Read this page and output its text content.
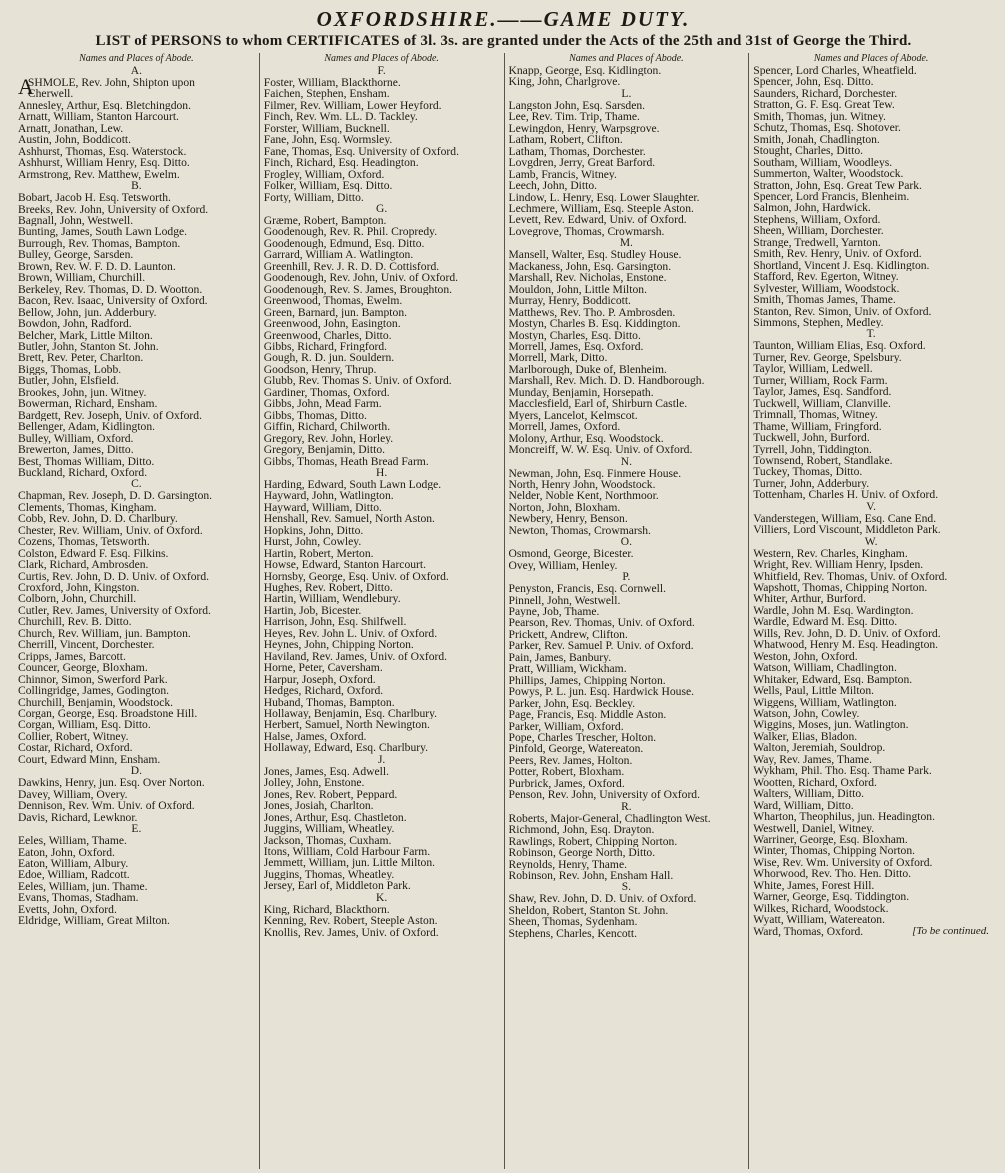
OXFORDSHIRE.——GAME DUTY.
LIST of PERSONS to whom CERTIFICATES of 3l. 3s. are granted under the Acts of the 25th and 31st of George the Third.
Names and Places of Abode.
A.
A
SHMOLE, Rev. John, Shipton upon
Cherwell.
Annesley, Arthur, Esq. Bletchingdon.
Arnatt, William, Stanton Harcourt.
Arnatt, Jonathan, Lew.
Austin, John, Boddicott.
Ashhurst, Thomas, Esq. Waterstock.
Ashhurst, William Henry, Esq. Ditto.
Armstrong, Rev. Matthew, Ewelm.
B.
Bobart, Jacob H. Esq. Tetsworth.
Breeks, Rev. John, University of Oxford.
Bagnall, John, Westwell.
Bunting, James, South Lawn Lodge.
Burrough, Rev. Thomas, Bampton.
Bulley, George, Sarsden.
Brown, Rev. W. F. D. D. Launton.
Brown, William, Churchill.
Berkeley, Rev. Thomas, D. D. Wootton.
Bacon, Rev. Isaac, University of Oxford.
Bellow, John, jun. Adderbury.
Bowdon, John, Radford.
Belcher, Mark, Little Milton.
Butler, John, Stanton St. John.
Brett, Rev. Peter, Charlton.
Biggs, Thomas, Lobb.
Butler, John, Elsfield.
Brookes, John, jun. Witney.
Bowerman, Richard, Ensham.
Bardgett, Rev. Joseph, Univ. of Oxford.
Bellenger, Adam, Kidlington.
Bulley, William, Oxford.
Brewerton, James, Ditto.
Best, Thomas William, Ditto.
Buckland, Richard, Oxford.
C.
Chapman, Rev. Joseph, D. D. Garsington.
Clements, Thomas, Kingham.
Cobb, Rev. John, D. D. Charlbury.
Chester, Rev. William, Univ. of Oxford.
Cozens, Thomas, Tetsworth.
Colston, Edward F. Esq. Filkins.
Clark, Richard, Ambrosden.
Curtis, Rev. John, D. D. Univ. of Oxford.
Croxford, John, Kingston.
Colborn, John, Churchill.
Cutler, Rev. James, University of Oxford.
Churchill, Rev. B. Ditto.
Church, Rev. William, jun. Bampton.
Cherrill, Vincent, Dorchester.
Cripps, James, Barcott.
Councer, George, Bloxham.
Chinnor, Simon, Swerford Park.
Collingridge, James, Godington.
Churchill, Benjamin, Woodstock.
Corgan, George, Esq. Broadstone Hill.
Corgan, William, Esq. Ditto.
Collier, Robert, Witney.
Costar, Richard, Oxford.
Court, Edward Minn, Ensham.
D.
Dawkins, Henry, jun. Esq. Over Norton.
Davey, William, Overy.
Dennison, Rev. Wm. Univ. of Oxford.
Davis, Richard, Lewknor.
E.
Eeles, William, Thame.
Eaton, John, Oxford.
Eaton, William, Albury.
Edoe, William, Radcott.
Eeles, William, jun. Thame.
Evans, Thomas, Stadham.
Evetts, John, Oxford.
Eldridge, William, Great Milton.
Names and Places of Abode.
F.
Foster, William, Blackthorne.
Faichen, Stephen, Ensham.
Filmer, Rev. William, Lower Heyford.
Finch, Rev. Wm. LL. D. Tackley.
Forster, William, Bucknell.
Fane, John, Esq. Wormsley.
Fane, Thomas, Esq. University of Oxford.
Finch, Richard, Esq. Headington.
Frogley, William, Oxford.
Folker, William, Esq. Ditto.
Forty, William, Ditto.
G.
Græme, Robert, Bampton.
Goodenough, Rev. R. Phil. Cropredy.
Goodenough, Edmund, Esq. Ditto.
Garrard, William A. Watlington.
Greenhill, Rev. J. R. D. D. Cottisford.
Goodenough, Rev. John, Univ. of Oxford.
Goodenough, Rev. S. James, Broughton.
Greenwood, Thomas, Ewelm.
Green, Barnard, jun. Bampton.
Greenwood, John, Easington.
Greenwood, Charles, Ditto.
Gibbs, Richard, Fringford.
Gough, R. D. jun. Souldern.
Goodson, Henry, Thrup.
Glubb, Rev. Thomas S. Univ. of Oxford.
Gardiner, Thomas, Oxford.
Gibbs, John, Mead Farm.
Gibbs, Thomas, Ditto.
Giffin, Richard, Chilworth.
Gregory, Rev. John, Horley.
Gregory, Benjamin, Ditto.
Gibbs, Thomas, Heath Bread Farm.
H.
Harding, Edward, South Lawn Lodge.
Hayward, John, Watlington.
Hayward, William, Ditto.
Henshall, Rev. Samuel, North Aston.
Hopkins, John, Ditto.
Hurst, John, Cowley.
Hartin, Robert, Merton.
Howse, Edward, Stanton Harcourt.
Hornsby, George, Esq. Univ. of Oxford.
Hughes, Rev. Robert, Ditto.
Hartin, William, Wendlebury.
Hartin, Job, Bicester.
Harrison, John, Esq. Shilfwell.
Heyes, Rev. John L. Univ. of Oxford.
Heynes, John, Chipping Norton.
Haviland, Rev. James, Univ. of Oxford.
Horne, Peter, Caversham.
Harpur, Joseph, Oxford.
Hedges, Richard, Oxford.
Huband, Thomas, Bampton.
Hollaway, Benjamin, Esq. Charlbury.
Herbert, Samuel, North Newington.
Halse, James, Oxford.
Hollaway, Edward, Esq. Charlbury.
J.
Jones, James, Esq. Adwell.
Jolley, John, Enstone.
Jones, Rev. Robert, Peppard.
Jones, Josiah, Charlton.
Jones, Arthur, Esq. Chastleton.
Juggins, William, Wheatley.
Jackson, Thomas, Cuxham.
Itons, William, Cold Harbour Farm.
Jemmett, William, jun. Little Milton.
Juggins, Thomas, Wheatley.
Jersey, Earl of, Middleton Park.
K.
King, Richard, Blackthorn.
Kenning, Rev. Robert, Steeple Aston.
Knollis, Rev. James, Univ. of Oxford.
Names and Places of Abode.
Knapp, George, Esq. Kidlington.
King, John, Charlgrove.
L.
Langston John, Esq. Sarsden.
Lee, Rev. Tim. Trip, Thame.
Lewingdon, Henry, Warpsgrove.
Latham, Robert, Clifton.
Latham, Thomas, Dorchester.
Lovgdren, Jerry, Great Barford.
Lamb, Francis, Witney.
Leech, John, Ditto.
Lindow, L. Henry, Esq. Lower Slaughter.
Lechmere, William, Esq. Steeple Aston.
Levett, Rev. Edward, Univ. of Oxford.
Lovegrove, Thomas, Crowmarsh.
M.
Mansell, Walter, Esq. Studley House.
Mackaness, John, Esq. Garsington.
Marshall, Rev. Nicholas, Enstone.
Mouldon, John, Little Milton.
Murray, Henry, Boddicott.
Matthews, Rev. Tho. P. Ambrosden.
Mostyn, Charles B. Esq. Kiddington.
Mostyn, Charles, Esq. Ditto.
Morrell, James, Esq. Oxford.
Morrell, Mark, Ditto.
Marlborough, Duke of, Blenheim.
Marshall, Rev. Mich. D. D. Handborough.
Munday, Benjamin, Horsepath.
Macclesfield, Earl of, Shirburn Castle.
Myers, Lancelot, Kelmscot.
Morrell, James, Oxford.
Molony, Arthur, Esq. Woodstock.
Moncreiff, W. W. Esq. Univ. of Oxford.
N.
Newman, John, Esq. Finmere House.
North, Henry John, Woodstock.
Nelder, Noble Kent, Northmoor.
Norton, John, Bloxham.
Newbery, Henry, Benson.
Newton, Thomas, Crowmarsh.
O.
Osmond, George, Bicester.
Ovey, William, Henley.
P.
Penyston, Francis, Esq. Cornwell.
Pinnell, John, Westwell.
Payne, Job, Thame.
Pearson, Rev. Thomas, Univ. of Oxford.
Prickett, Andrew, Clifton.
Parker, Rev. Samuel P. Univ. of Oxford.
Pain, James, Banbury.
Pratt, William, Wickham.
Phillips, James, Chipping Norton.
Powys, P. L. jun. Esq. Hardwick House.
Parker, John, Esq. Beckley.
Page, Francis, Esq. Middle Aston.
Parker, William, Oxford.
Pope, Charles Trescher, Holton.
Pinfold, George, Watereaton.
Peers, Rev. James, Holton.
Potter, Robert, Bloxham.
Purbrick, James, Oxford.
Penson, Rev. John, University of Oxford.
R.
Roberts, Major-General, Chadlington West.
Richmond, John, Esq. Drayton.
Rawlings, Robert, Chipping Norton.
Robinson, George North, Ditto.
Reynolds, Henry, Thame.
Robinson, Rev. John, Ensham Hall.
S.
Shaw, Rev. John, D. D. Univ. of Oxford.
Sheldon, Robert, Stanton St. John.
Sheen, Thomas, Sydenham.
Stephens, Charles, Kencott.
Names and Places of Abode.
Spencer, Lord Charles, Wheatfield.
Spencer, John, Esq. Ditto.
Saunders, Richard, Dorchester.
Stratton, G. F. Esq. Great Tew.
Smith, Thomas, jun. Witney.
Schutz, Thomas, Esq. Shotover.
Smith, Jonah, Chadlington.
Stought, Charles, Ditto.
Southam, William, Woodleys.
Summerton, Walter, Woodstock.
Stratton, John, Esq. Great Tew Park.
Spencer, Lord Francis, Blenheim.
Salmon, John, Hardwick.
Stephens, William, Oxford.
Sheen, William, Dorchester.
Strange, Tredwell, Yarnton.
Smith, Rev. Henry, Univ. of Oxford.
Shortland, Vincent J. Esq. Kidlington.
Stafford, Rev. Egerton, Witney.
Sylvester, William, Woodstock.
Smith, Thomas James, Thame.
Stanton, Rev. Simon, Univ. of Oxford.
Simmons, Stephen, Medley.
T.
Taunton, William Elias, Esq. Oxford.
Turner, Rev. George, Spelsbury.
Taylor, William, Ledwell.
Turner, William, Rock Farm.
Taylor, James, Esq. Sandford.
Tuckwell, William, Clanville.
Trimnall, Thomas, Witney.
Thame, William, Fringford.
Tuckwell, John, Burford.
Tyrrell, John, Tiddington.
Townsend, Robert, Standlake.
Tuckey, Thomas, Ditto.
Turner, John, Adderbury.
Tottenham, Charles H. Univ. of Oxford.
V.
Vanderstegen, William, Esq. Cane End.
Villiers, Lord Viscount, Middleton Park.
W.
Western, Rev. Charles, Kingham.
Wright, Rev. William Henry, Ipsden.
Whitfield, Rev. Thomas, Univ. of Oxford.
Wapshott, Thomas, Chipping Norton.
Whiter, Arthur, Burford.
Wardle, John M. Esq. Wardington.
Wardle, Edward M. Esq. Ditto.
Wills, Rev. John, D. D. Univ. of Oxford.
Whatwood, Henry M. Esq. Headington.
Weston, John, Oxford.
Watson, William, Chadlington.
Whitaker, Edward, Esq. Bampton.
Wells, Paul, Little Milton.
Wiggens, William, Watlington.
Watson, John, Cowley.
Wiggins, Moses, jun. Watlington.
Walker, Elias, Bladon.
Walton, Jeremiah, Souldrop.
Way, Rev. James, Thame.
Wykham, Phil. Tho. Esq. Thame Park.
Wootten, Richard, Oxford.
Walters, William, Ditto.
Ward, William, Ditto.
Wharton, Theophilus, jun. Headington.
Westwell, Daniel, Witney.
Warriner, George, Esq. Bloxham.
Winter, Thomas, Chipping Norton.
Wise, Rev. Wm. University of Oxford.
Whorwood, Rev. Tho. Hen. Ditto.
White, James, Forest Hill.
Warner, George, Esq. Tiddington.
Wilkes, Richard, Woodstock.
Wyatt, William, Watereaton.
Ward, Thomas, Oxford.	[To be continued.
